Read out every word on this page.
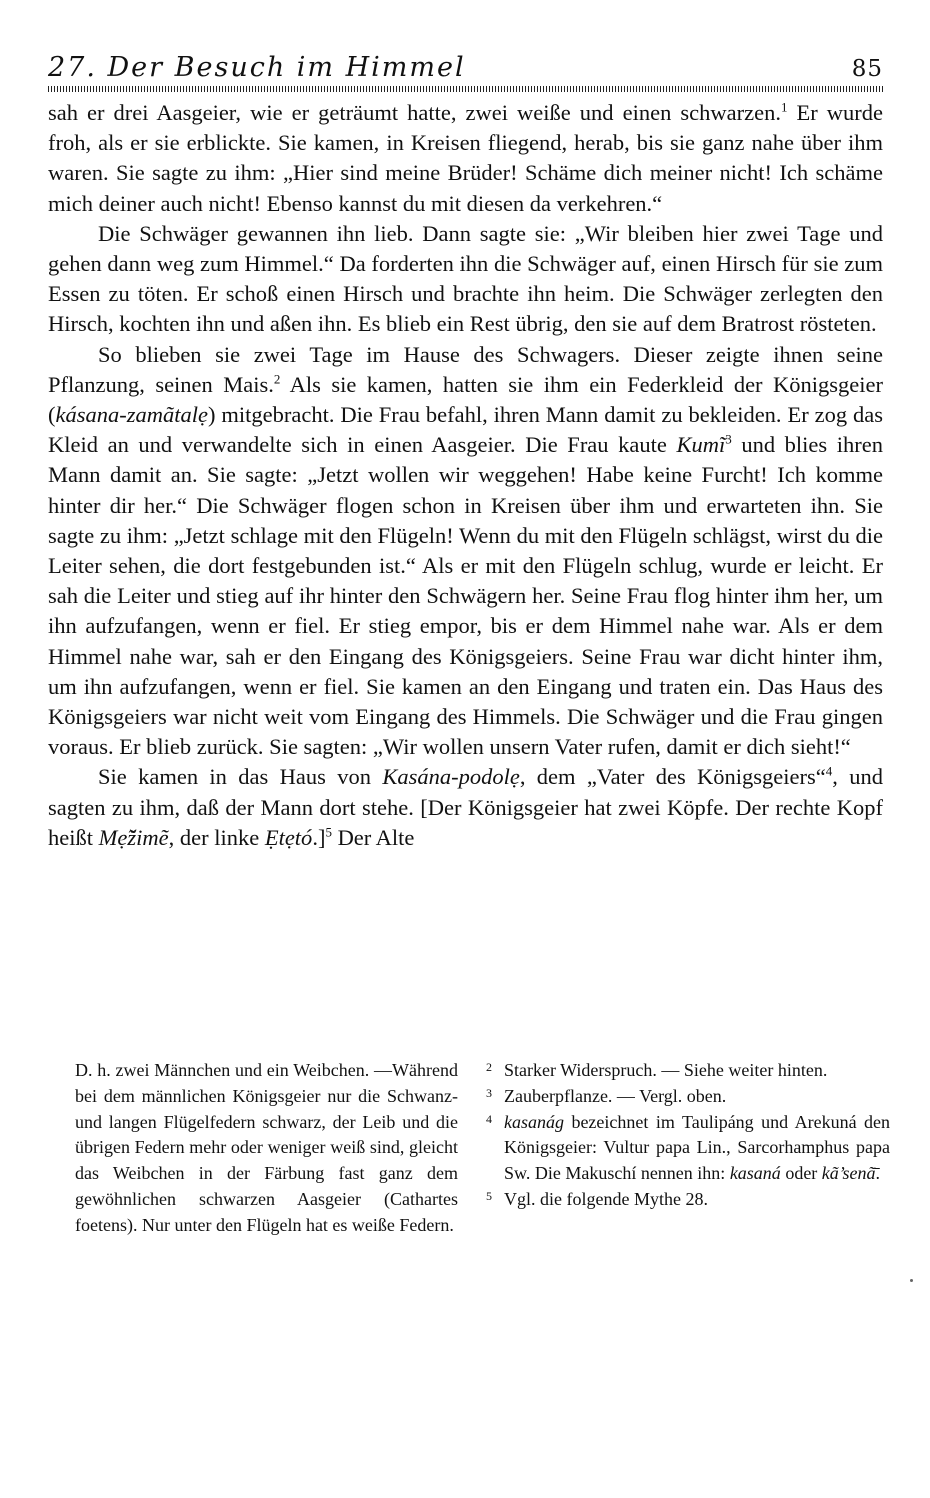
27. Der Besuch im Himmel	85

sah er drei Aasgeier, wie er geträumt hatte, zwei weiße und einen schwarzen.$^1$ Er wurde froh, als er sie erblickte. Sie kamen, in Kreisen fliegend, herab, bis sie ganz nahe über ihm waren. Sie sagte zu ihm: „Hier sind meine Brüder! Schäme dich meiner nicht! Ich schäme mich deiner auch nicht! Ebenso kannst du mit diesen da verkehren.“

Die Schwäger gewannen ihn lieb. Dann sagte sie: „Wir bleiben hier zwei Tage und gehen dann weg zum Himmel.“ Da forderten ihn die Schwäger auf, einen Hirsch für sie zum Essen zu töten. Er schoß einen Hirsch und brachte ihn heim. Die Schwäger zerlegten den Hirsch, kochten ihn und aßen ihn. Es blieb ein Rest übrig, den sie auf dem Bratrost rösteten.

So blieben sie zwei Tage im Hause des Schwagers. Dieser zeigte ihnen seine Pflanzung, seinen Mais.$^2$ Als sie kamen, hatten sie ihm ein Federkleid der Königsgeier (kásana-zamãtalẹ) mitgebracht. Die Frau befahl, ihren Mann damit zu bekleiden. Er zog das Kleid an und verwandelte sich in einen Aasgeier. Die Frau kaute Kumĩ$^3$ und blies ihren Mann damit an. Sie sagte: „Jetzt wollen wir weggehen! Habe keine Furcht! Ich komme hinter dir her.“ Die Schwäger flogen schon in Kreisen über ihm und erwarteten ihn. Sie sagte zu ihm: „Jetzt schlage mit den Flügeln! Wenn du mit den Flügeln schlägst, wirst du die Leiter sehen, die dort festgebunden ist.“ Als er mit den Flügeln schlug, wurde er leicht. Er sah die Leiter und stieg auf ihr hinter den Schwägern her. Seine Frau flog hinter ihm her, um ihn aufzufangen, wenn er fiel. Er stieg empor, bis er dem Himmel nahe war. Als er dem Himmel nahe war, sah er den Eingang des Königsgeiers. Seine Frau war dicht hinter ihm, um ihn aufzufangen, wenn er fiel. Sie kamen an den Eingang und traten ein. Das Haus des Königsgeiers war nicht weit vom Eingang des Himmels. Die Schwäger und die Frau gingen voraus. Er blieb zurück. Sie sagten: „Wir wollen unsern Vater rufen, damit er dich sieht!“

Sie kamen in das Haus von Kasána-podolẹ, dem „Vater des Königsgeiers“$^4$, und sagten zu ihm, daß der Mann dort stehe. [Der Königsgeier hat zwei Köpfe. Der rechte Kopf heißt Mẹ̃žimẽ, der linke Ẹtẹtó.]$^5$ Der Alte

D. h. zwei Männchen und ein Weibchen. —Während bei dem männlichen Königsgeier nur die Schwanz- und langen Flügelfedern schwarz, der Leib und die übrigen Federn mehr oder weniger weiß sind, gleicht das Weibchen in der Färbung fast ganz dem gewöhnlichen schwarzen Aasgeier (Cathartes foetens). Nur unter den Flügeln hat es weiße Federn.
2 Starker Widerspruch. — Siehe weiter hinten.
3 Zauberpflanze. — Vergl. oben.
4 kasanág bezeichnet im Taulipáng und Arekuná den Königsgeier: Vultur papa Lin., Sarcorhamphus papa Sw. Die Makuschí nennen ihn: kasaná oder kã’senã̄.
5 Vgl. die folgende Mythe 28.
